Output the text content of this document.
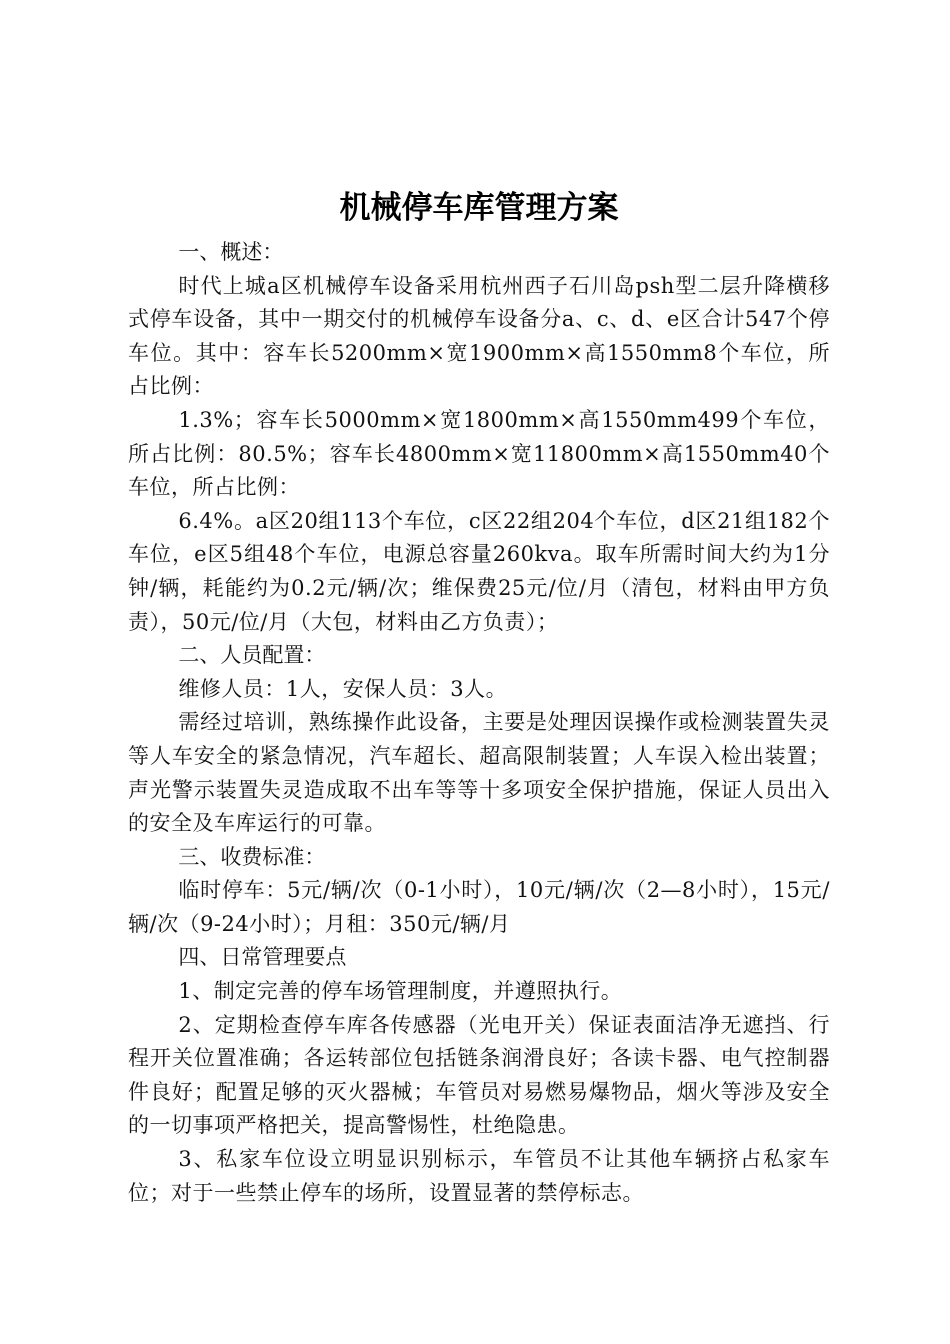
机械停车库管理方案

一、概述：

时代上城a区机械停车设备采用杭州西子石川岛psh型二层升降横移式停车设备，其中一期交付的机械停车设备分a、c、d、e区合计547个停车位。其中：容车长5200mm×宽1900mm×高1550mm8个车位，所占比例：

1.3%；容车长5000mm×宽1800mm×高1550mm499个车位，所占比例：80.5%；容车长4800mm×宽11800mm×高1550mm40个车位，所占比例：

6.4%。a区20组113个车位，c区22组204个车位，d区21组182个车位，e区5组48个车位，电源总容量260kva。取车所需时间大约为1分钟/辆，耗能约为0.2元/辆/次；维保费25元/位/月（清包，材料由甲方负责），50元/位/月（大包，材料由乙方负责）；

二、人员配置：

维修人员：1人，安保人员：3人。

需经过培训，熟练操作此设备，主要是处理因误操作或检测装置失灵等人车安全的紧急情况，汽车超长、超高限制装置；人车误入检出装置；声光警示装置失灵造成取不出车等等十多项安全保护措施，保证人员出入的安全及车库运行的可靠。

三、收费标准：

临时停车：5元/辆/次（0-1小时），10元/辆/次（2—8小时），15元/辆/次（9-24小时）；月租：350元/辆/月

四、日常管理要点

1、制定完善的停车场管理制度，并遵照执行。

2、定期检查停车库各传感器（光电开关）保证表面洁净无遮挡、行程开关位置准确；各运转部位包括链条润滑良好；各读卡器、电气控制器件良好；配置足够的灭火器械；车管员对易燃易爆物品，烟火等涉及安全的一切事项严格把关，提高警惕性，杜绝隐患。

3、私家车位设立明显识别标示，车管员不让其他车辆挤占私家车位；对于一些禁止停车的场所，设置显著的禁停标志。
